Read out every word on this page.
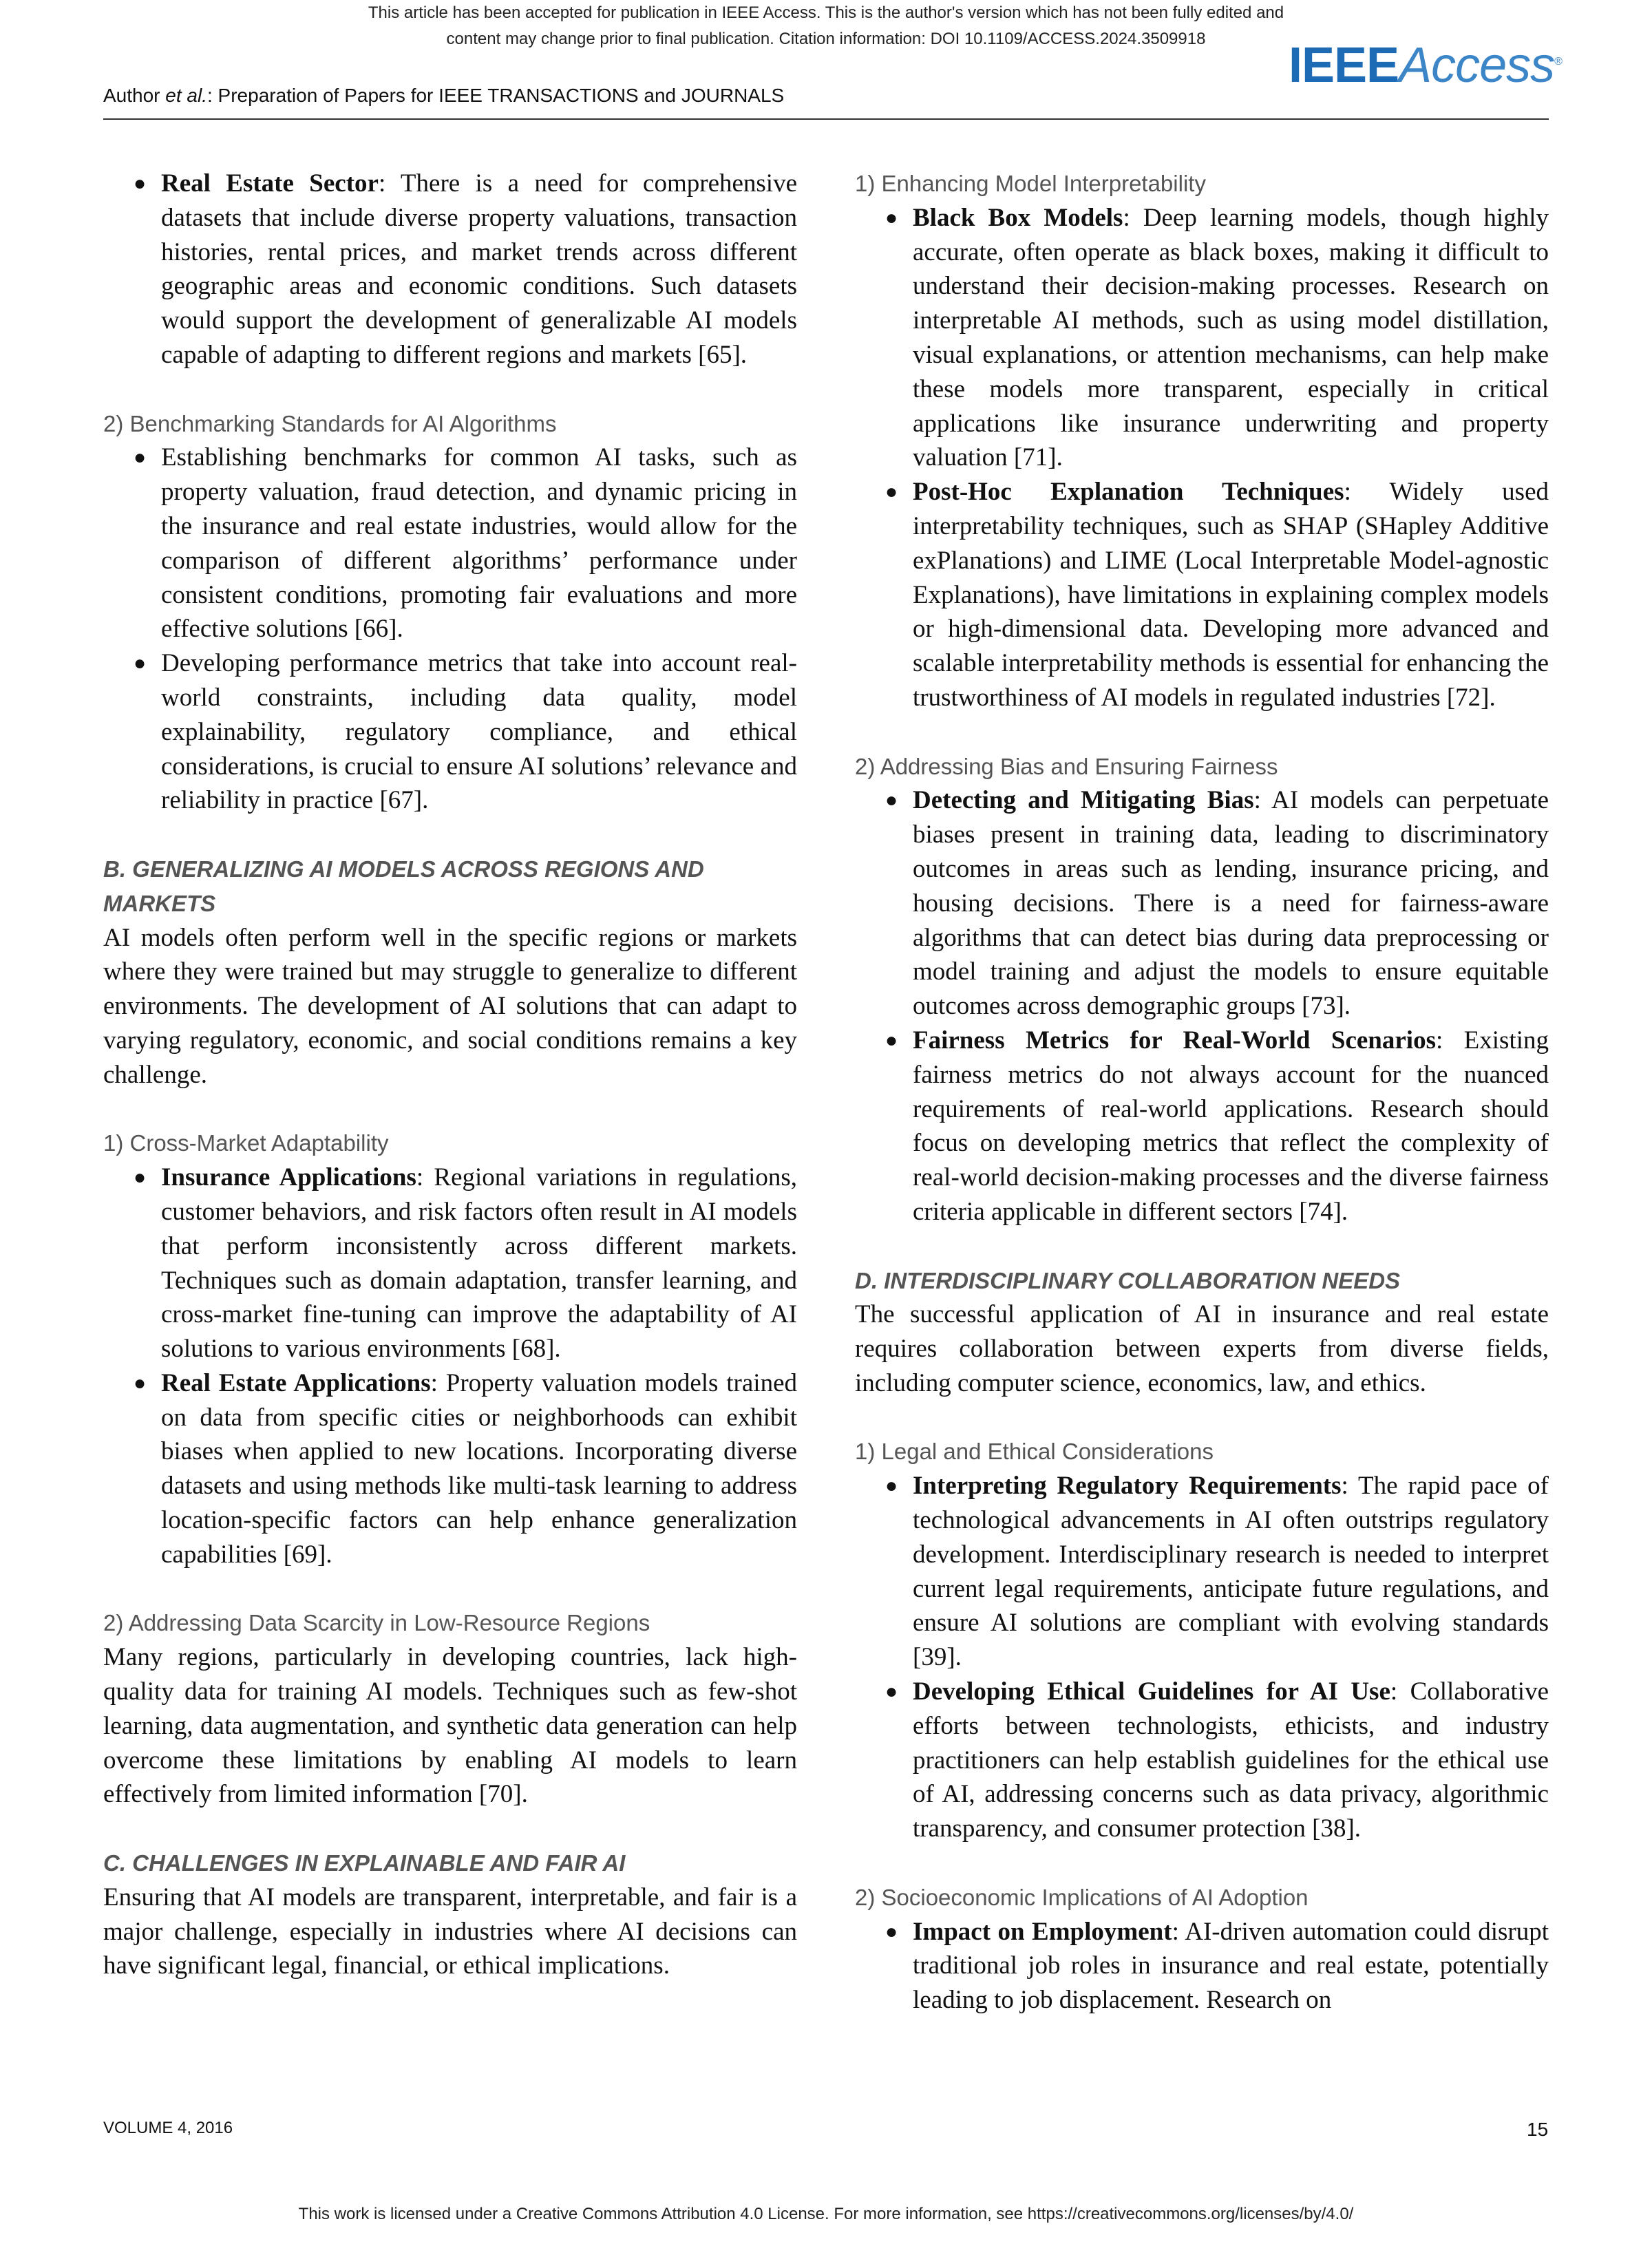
This article has been accepted for publication in IEEE Access. This is the author's version which has not been fully edited and
content may change prior to final publication. Citation information: DOI 10.1109/ACCESS.2024.3509918	IEEEAccess®
Author et al.: Preparation of Papers for IEEE TRANSACTIONS and JOURNALS
● Real Estate Sector: There is a need for comprehensive datasets that include diverse property valuations, transaction histories, rental prices, and market trends across different geographic areas and economic conditions. Such datasets would support the development of generalizable AI models capable of adapting to different regions and markets [65].
2) Benchmarking Standards for AI Algorithms
● Establishing benchmarks for common AI tasks, such as property valuation, fraud detection, and dynamic pricing in the insurance and real estate industries, would allow for the comparison of different algorithms’ performance under consistent conditions, promoting fair evaluations and more effective solutions [66].
● Developing performance metrics that take into account real-world constraints, including data quality, model explainability, regulatory compliance, and ethical considerations, is crucial to ensure AI solutions’ relevance and reliability in practice [67].
B. GENERALIZING AI MODELS ACROSS REGIONS AND
MARKETS

AI models often perform well in the specific regions or markets where they were trained but may struggle to generalize to different environments. The development of AI solutions that can adapt to varying regulatory, economic, and social conditions remains a key challenge.

1) Cross-Market Adaptability
● Insurance Applications: Regional variations in regulations, customer behaviors, and risk factors often result in AI models that perform inconsistently across different markets. Techniques such as domain adaptation, transfer learning, and cross-market fine-tuning can improve the adaptability of AI solutions to various environments [68].
● Real Estate Applications: Property valuation models trained on data from specific cities or neighborhoods can exhibit biases when applied to new locations. Incorporating diverse datasets and using methods like multi-task learning to address location-specific factors can help enhance generalization capabilities [69].
2) Addressing Data Scarcity in Low-Resource Regions

Many regions, particularly in developing countries, lack high-quality data for training AI models. Techniques such as few-shot learning, data augmentation, and synthetic data generation can help overcome these limitations by enabling AI models to learn effectively from limited information [70].

C. CHALLENGES IN EXPLAINABLE AND FAIR AI

Ensuring that AI models are transparent, interpretable, and fair is a major challenge, especially in industries where AI decisions can have significant legal, financial, or ethical implications.

1) Enhancing Model Interpretability
● Black Box Models: Deep learning models, though highly accurate, often operate as black boxes, making it difficult to understand their decision-making processes. Research on interpretable AI methods, such as using model distillation, visual explanations, or attention mechanisms, can help make these models more transparent, especially in critical applications like insurance underwriting and property valuation [71].
● Post-Hoc Explanation Techniques: Widely used interpretability techniques, such as SHAP (SHapley Additive exPlanations) and LIME (Local Interpretable Model-agnostic Explanations), have limitations in explaining complex models or high-dimensional data. Developing more advanced and scalable interpretability methods is essential for enhancing the trustworthiness of AI models in regulated industries [72].
2) Addressing Bias and Ensuring Fairness
● Detecting and Mitigating Bias: AI models can perpetuate biases present in training data, leading to discriminatory outcomes in areas such as lending, insurance pricing, and housing decisions. There is a need for fairness-aware algorithms that can detect bias during data preprocessing or model training and adjust the models to ensure equitable outcomes across demographic groups [73].
● Fairness Metrics for Real-World Scenarios: Existing fairness metrics do not always account for the nuanced requirements of real-world applications. Research should focus on developing metrics that reflect the complexity of real-world decision-making processes and the diverse fairness criteria applicable in different sectors [74].
D. INTERDISCIPLINARY COLLABORATION NEEDS

The successful application of AI in insurance and real estate requires collaboration between experts from diverse fields, including computer science, economics, law, and ethics.

1) Legal and Ethical Considerations
● Interpreting Regulatory Requirements: The rapid pace of technological advancements in AI often outstrips regulatory development. Interdisciplinary research is needed to interpret current legal requirements, anticipate future regulations, and ensure AI solutions are compliant with evolving standards [39].
● Developing Ethical Guidelines for AI Use: Collaborative efforts between technologists, ethicists, and industry practitioners can help establish guidelines for the ethical use of AI, addressing concerns such as data privacy, algorithmic transparency, and consumer protection [38].
2) Socioeconomic Implications of AI Adoption
● Impact on Employment: AI-driven automation could disrupt traditional job roles in insurance and real estate, potentially leading to job displacement. Research on
VOLUME 4, 2016	15
This work is licensed under a Creative Commons Attribution 4.0 License. For more information, see https://creativecommons.org/licenses/by/4.0/
